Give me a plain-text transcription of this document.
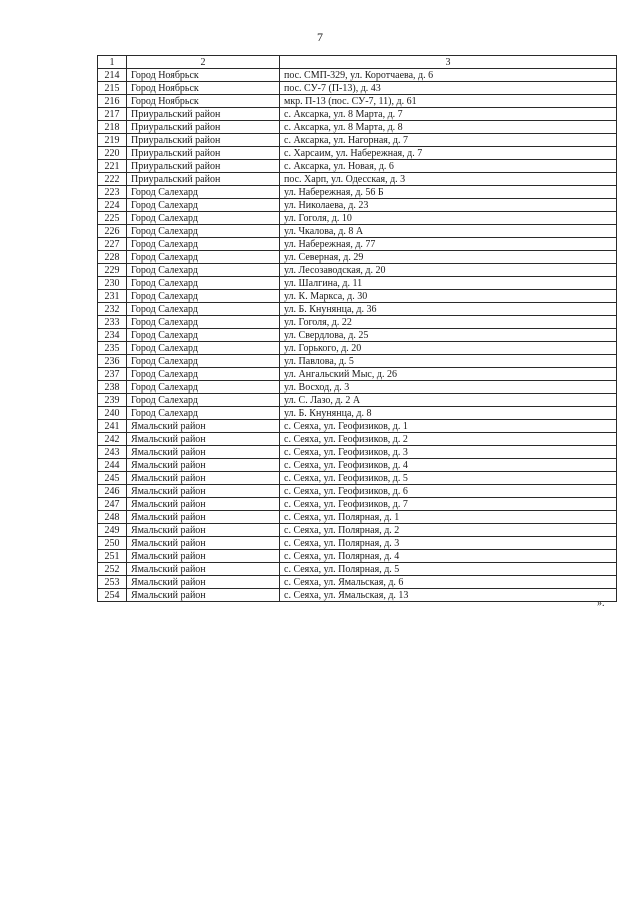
7
1	2	3
214	Город Ноябрьск	пос. СМП-329, ул. Коротчаева, д. 6
215	Город Ноябрьск	пос. СУ-7 (П-13), д. 43
216	Город Ноябрьск	мкр. П-13 (пос. СУ-7, 11), д. 61
217	Приуральский район	с. Аксарка, ул. 8 Марта, д. 7
218	Приуральский район	с. Аксарка, ул. 8 Марта, д. 8
219	Приуральский район	с. Аксарка, ул. Нагорная, д. 7
220	Приуральский район	с. Харсаим, ул. Набережная, д. 7
221	Приуральский район	с. Аксарка, ул. Новая, д. 6
222	Приуральский район	пос. Харп, ул. Одесская, д. 3
223	Город Салехард	ул. Набережная, д. 56 Б
224	Город Салехард	ул. Николаева, д. 23
225	Город Салехард	ул. Гоголя, д. 10
226	Город Салехард	ул. Чкалова, д. 8 А
227	Город Салехард	ул. Набережная, д. 77
228	Город Салехард	ул. Северная, д. 29
229	Город Салехард	ул. Лесозаводская, д. 20
230	Город Салехард	ул. Шалгина, д. 11
231	Город Салехард	ул. К. Маркса, д. 30
232	Город Салехард	ул. Б. Кнунянца, д. 36
233	Город Салехард	ул. Гоголя, д. 22
234	Город Салехард	ул. Свердлова, д. 25
235	Город Салехард	ул. Горького, д. 20
236	Город Салехард	ул. Павлова, д. 5
237	Город Салехард	ул. Ангальский Мыс, д. 26
238	Город Салехард	ул. Восход, д. 3
239	Город Салехард	ул. С. Лазо, д. 2 А
240	Город Салехард	ул. Б. Кнунянца, д. 8
241	Ямальский район	с. Сеяха, ул. Геофизиков, д. 1
242	Ямальский район	с. Сеяха, ул. Геофизиков, д. 2
243	Ямальский район	с. Сеяха, ул. Геофизиков, д. 3
244	Ямальский район	с. Сеяха, ул. Геофизиков, д. 4
245	Ямальский район	с. Сеяха, ул. Геофизиков, д. 5
246	Ямальский район	с. Сеяха, ул. Геофизиков, д. 6
247	Ямальский район	с. Сеяха, ул. Геофизиков, д. 7
248	Ямальский район	с. Сеяха, ул. Полярная, д. 1
249	Ямальский район	с. Сеяха, ул. Полярная, д. 2
250	Ямальский район	с. Сеяха, ул. Полярная, д. 3
251	Ямальский район	с. Сеяха, ул. Полярная, д. 4
252	Ямальский район	с. Сеяха, ул. Полярная, д. 5
253	Ямальский район	с. Сеяха, ул. Ямальская, д. 6
254	Ямальский район	с. Сеяха, ул. Ямальская, д. 13
».
